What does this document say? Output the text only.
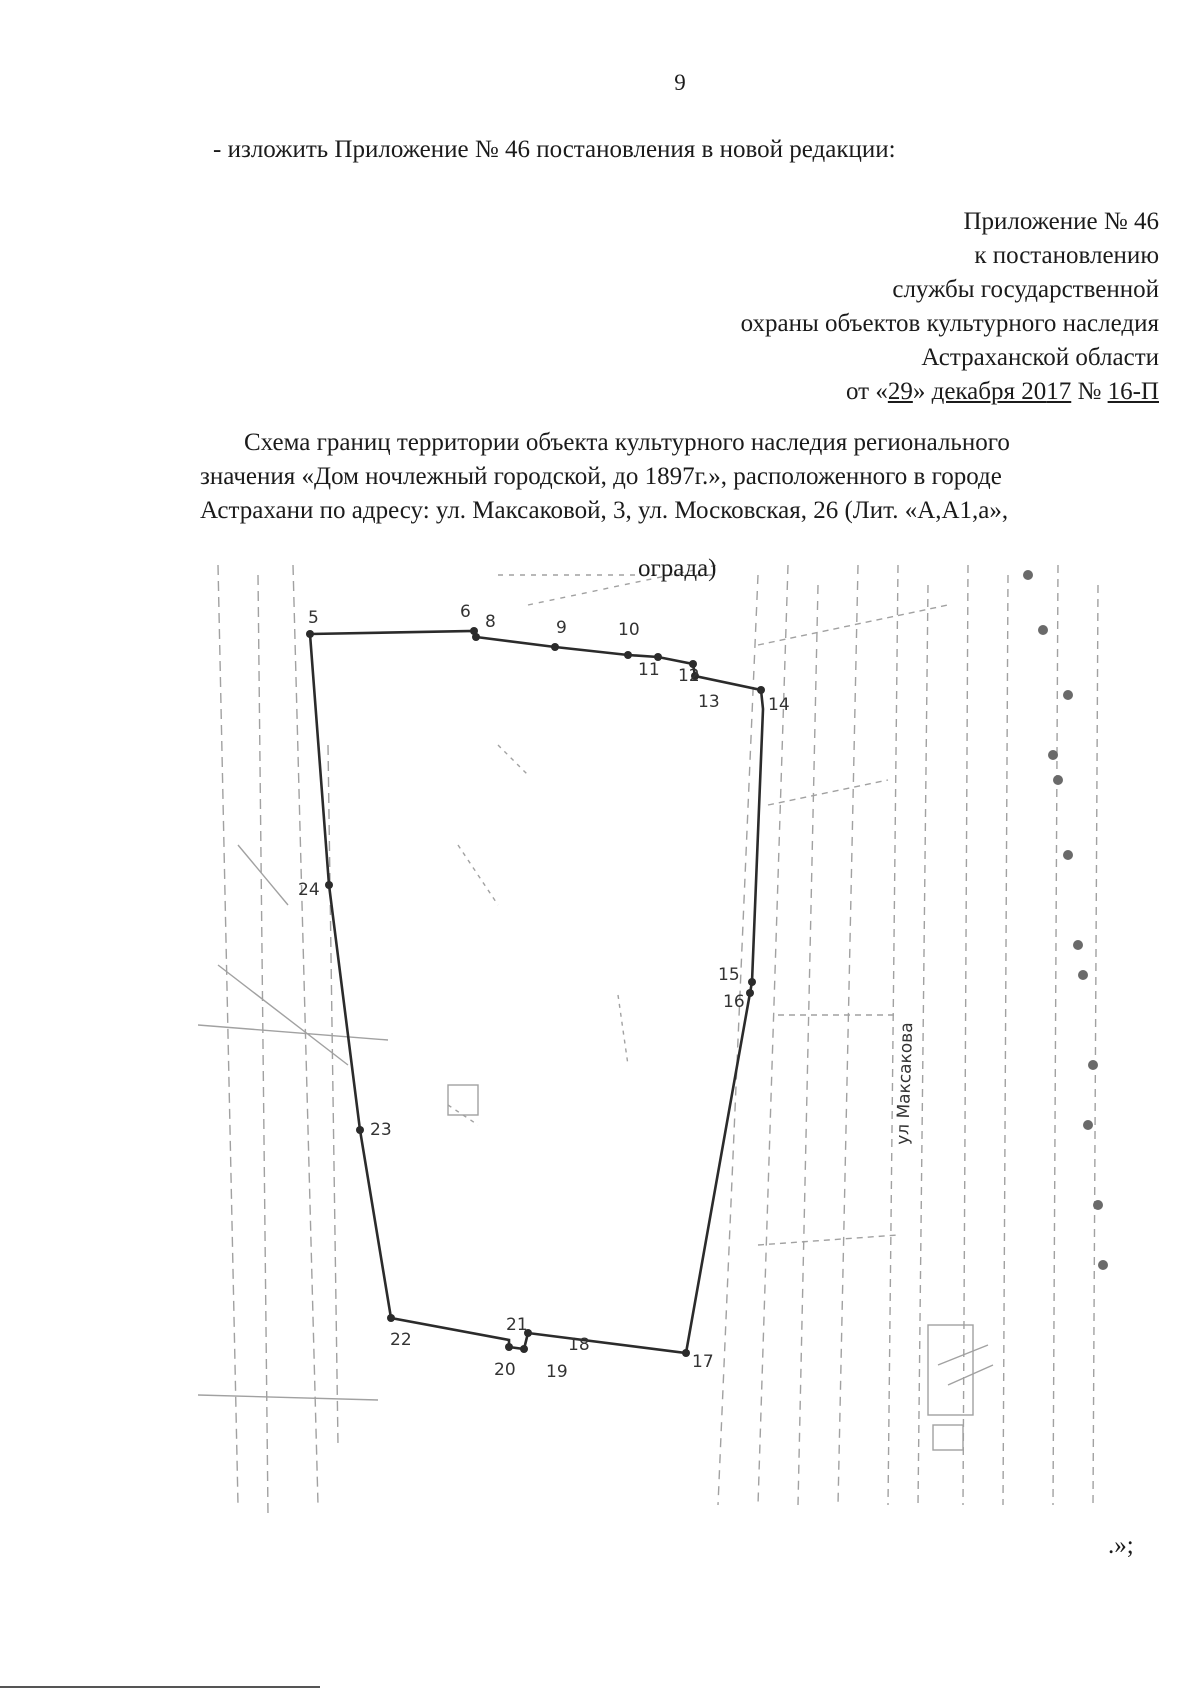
9
- изложить Приложение № 46 постановления в новой редакции:
Приложение № 46
к постановлению
службы государственной
охраны объектов культурного наследия
Астраханской области
от «29» декабря 2017 № 16-П
Схема границ территории объекта культурного наследия регионального
значения «Дом ночлежный городской, до 1897г.», расположенного в городе
Астрахани по адресу: ул. Максаковой, 3, ул. Московская, 26 (Лит. «А,А1,а»,
5	6 8	9	10
11 12
13	14
15
16
17
18
19
20
21
22
23
24
ул Максакова
ограда)
.»;
